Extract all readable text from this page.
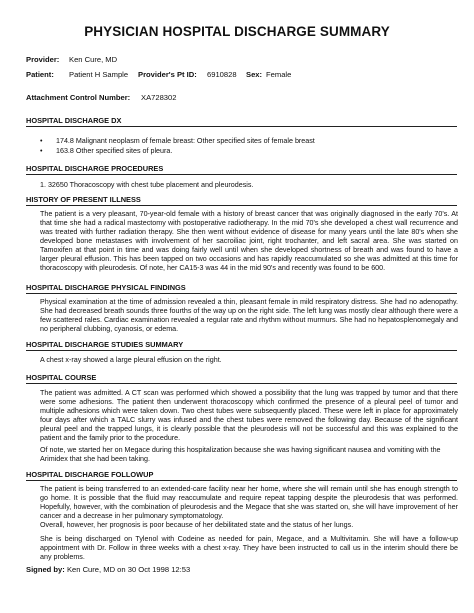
PHYSICIAN HOSPITAL DISCHARGE SUMMARY
Provider: Ken Cure, MD
Patient: Patient H Sample Provider's Pt ID: 6910828 Sex: Female
Attachment Control Number: XA728302
HOSPITAL DISCHARGE DX
• 174.8 Malignant neoplasm of female breast: Other specified sites of female breast
• 163.8 Other specified sites of pleura.
HOSPITAL DISCHARGE PROCEDURES
1. 32650 Thoracoscopy with chest tube placement and pleurodesis.
HISTORY OF PRESENT ILLNESS

The patient is a very pleasant, 70-year-old female with a history of breast cancer that was originally diagnosed in the early 70's. At that time she had a radical mastectomy with postoperative radiotherapy. In the mid 70's she developed a chest wall recurrence and was treated with further radiation therapy. She then went without evidence of disease for many years until the late 80's when she developed bone metastases with involvement of her sacroiliac joint, right trochanter, and left sacral area. She was started on Tamoxifen at that point in time and was doing fairly well until when she developed shortness of breath and was found to have a larger pleural effusion. This has been tapped on two occasions and has rapidly reaccumulated so she was admitted at this time for thoracoscopy with pleurodesis. Of note, her CA15-3 was 44 in the mid 90's and recently was found to be 600.

HOSPITAL DISCHARGE PHYSICAL FINDINGS

Physical examination at the time of admission revealed a thin, pleasant female in mild respiratory distress. She had no adenopathy. She had decreased breath sounds three fourths of the way up on the right side. The left lung was mostly clear although there were a few scattered rales. Cardiac examination revealed a regular rate and rhythm without murmurs. She had no hepatosplenomegaly and no peripheral clubbing, cyanosis, or edema.

HOSPITAL DISCHARGE STUDIES SUMMARY

A chest x-ray showed a large pleural effusion on the right.

HOSPITAL COURSE

The patient was admitted. A CT scan was performed which showed a possibility that the lung was trapped by tumor and that there were some adhesions. The patient then underwent thoracoscopy which confirmed the presence of a pleural peel of tumor and multiple adhesions which were taken down. Two chest tubes were subsequently placed. These were left in place for approximately four days after which a TALC slurry was infused and the chest tubes were removed the following day. Because of the significant pleural peel and the trapped lungs, it is clearly possible that the pleurodesis will not be successful and this was explained to the patient and the family prior to the procedure.

Of note, we started her on Megace during this hospitalization because she was having significant nausea and vomiting with the Arimidex that she had been taking.

HOSPITAL DISCHARGE FOLLOWUP

The patient is being transferred to an extended-care facility near her home, where she will remain until she has enough strength to go home. It is possible that the fluid may reaccumulate and require repeat tapping despite the pleurodesis that was performed. Hopefully, however, with the combination of pleurodesis and the Megace that she was started on, she will have improvement of her cancer and a decrease in her pulmonary symptomatology.

Overall, however, her prognosis is poor because of her debilitated state and the status of her lungs.

She is being discharged on Tylenol with Codeine as needed for pain, Megace, and a Multivitamin. She will have a follow-up appointment with Dr. Follow in three weeks with a chest x-ray. They have been instructed to call us in the interim should there be any problems.

Signed by: Ken Cure, MD on 30 Oct 1998 12:53
